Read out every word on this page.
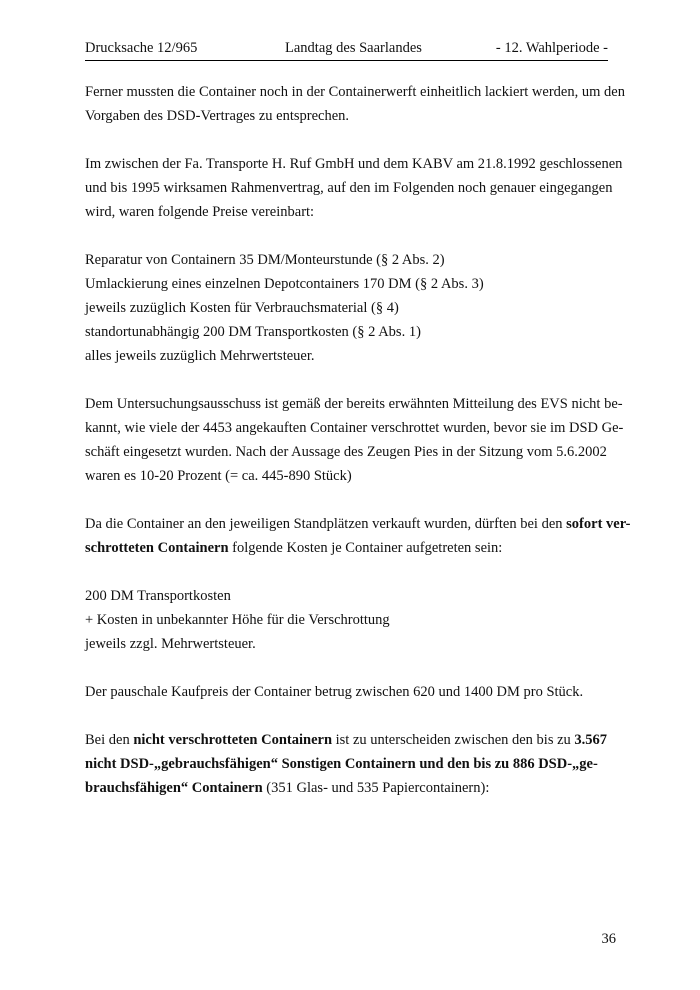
Drucksache 12/965	Landtag des Saarlandes	- 12. Wahlperiode -

Ferner mussten die Container noch in der Containerwerft einheitlich lackiert werden, um den
Vorgaben des DSD-Vertrages zu entsprechen.

Im zwischen der Fa. Transporte H. Ruf GmbH und dem KABV am 21.8.1992 geschlossenen
und bis 1995 wirksamen Rahmenvertrag, auf den im Folgenden noch genauer eingegangen
wird, waren folgende Preise vereinbart:

Reparatur von Containern 35 DM/Monteurstunde (§ 2 Abs. 2)
Umlackierung eines einzelnen Depotcontainers 170 DM (§ 2 Abs. 3)
jeweils zuzüglich Kosten für Verbrauchsmaterial (§ 4)
standortunabhängig 200 DM Transportkosten (§ 2 Abs. 1)
alles jeweils zuzüglich Mehrwertsteuer.

Dem Untersuchungsausschuss ist gemäß der bereits erwähnten Mitteilung des EVS nicht be-
kannt, wie viele der 4453 angekauften Container verschrottet wurden, bevor sie im DSD Ge-
schäft eingesetzt wurden. Nach der Aussage des Zeugen Pies in der Sitzung vom 5.6.2002
waren es 10-20 Prozent (= ca. 445-890 Stück)

Da die Container an den jeweiligen Standplätzen verkauft wurden, dürften bei den sofort ver-
schrotteten Containern folgende Kosten je Container aufgetreten sein:

200 DM Transportkosten
+ Kosten in unbekannter Höhe für die Verschrottung
jeweils zzgl. Mehrwertsteuer.

Der pauschale Kaufpreis der Container betrug zwischen 620 und 1400 DM pro Stück.

Bei den nicht verschrotteten Containern ist zu unterscheiden zwischen den bis zu 3.567
nicht DSD-„gebrauchsfähigen“ Sonstigen Containern und den bis zu 886 DSD-„ge-
brauchsfähigen“ Containern (351 Glas- und 535 Papiercontainern):

36
